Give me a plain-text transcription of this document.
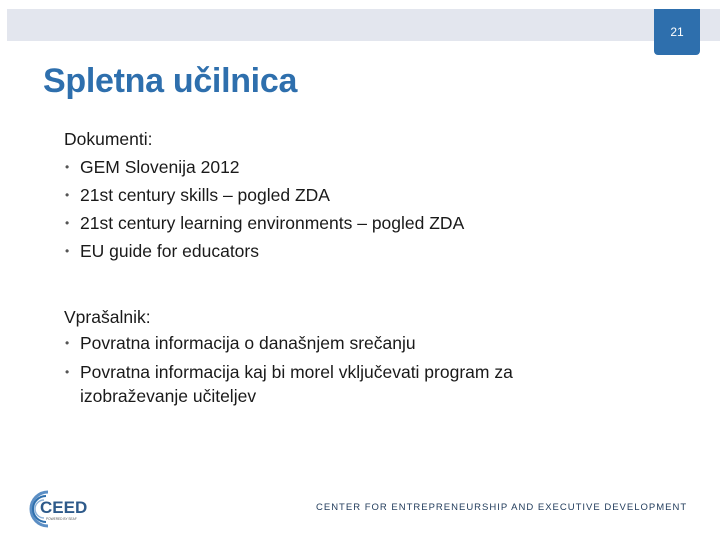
21
Spletna učilnica
Dokumenti:
• GEM Slovenija 2012
• 21st century skills – pogled ZDA
• 21st century learning environments – pogled ZDA
• EU guide for educators
Vprašalnik:
• Povratna informacija o današnjem srečanju
• Povratna informacija kaj bi morel vključevati program za izobraževanje učiteljev
CEED
POWERED BY SEAF
CENTER FOR ENTREPRENEURSHIP AND EXECUTIVE DEVELOPMENT
